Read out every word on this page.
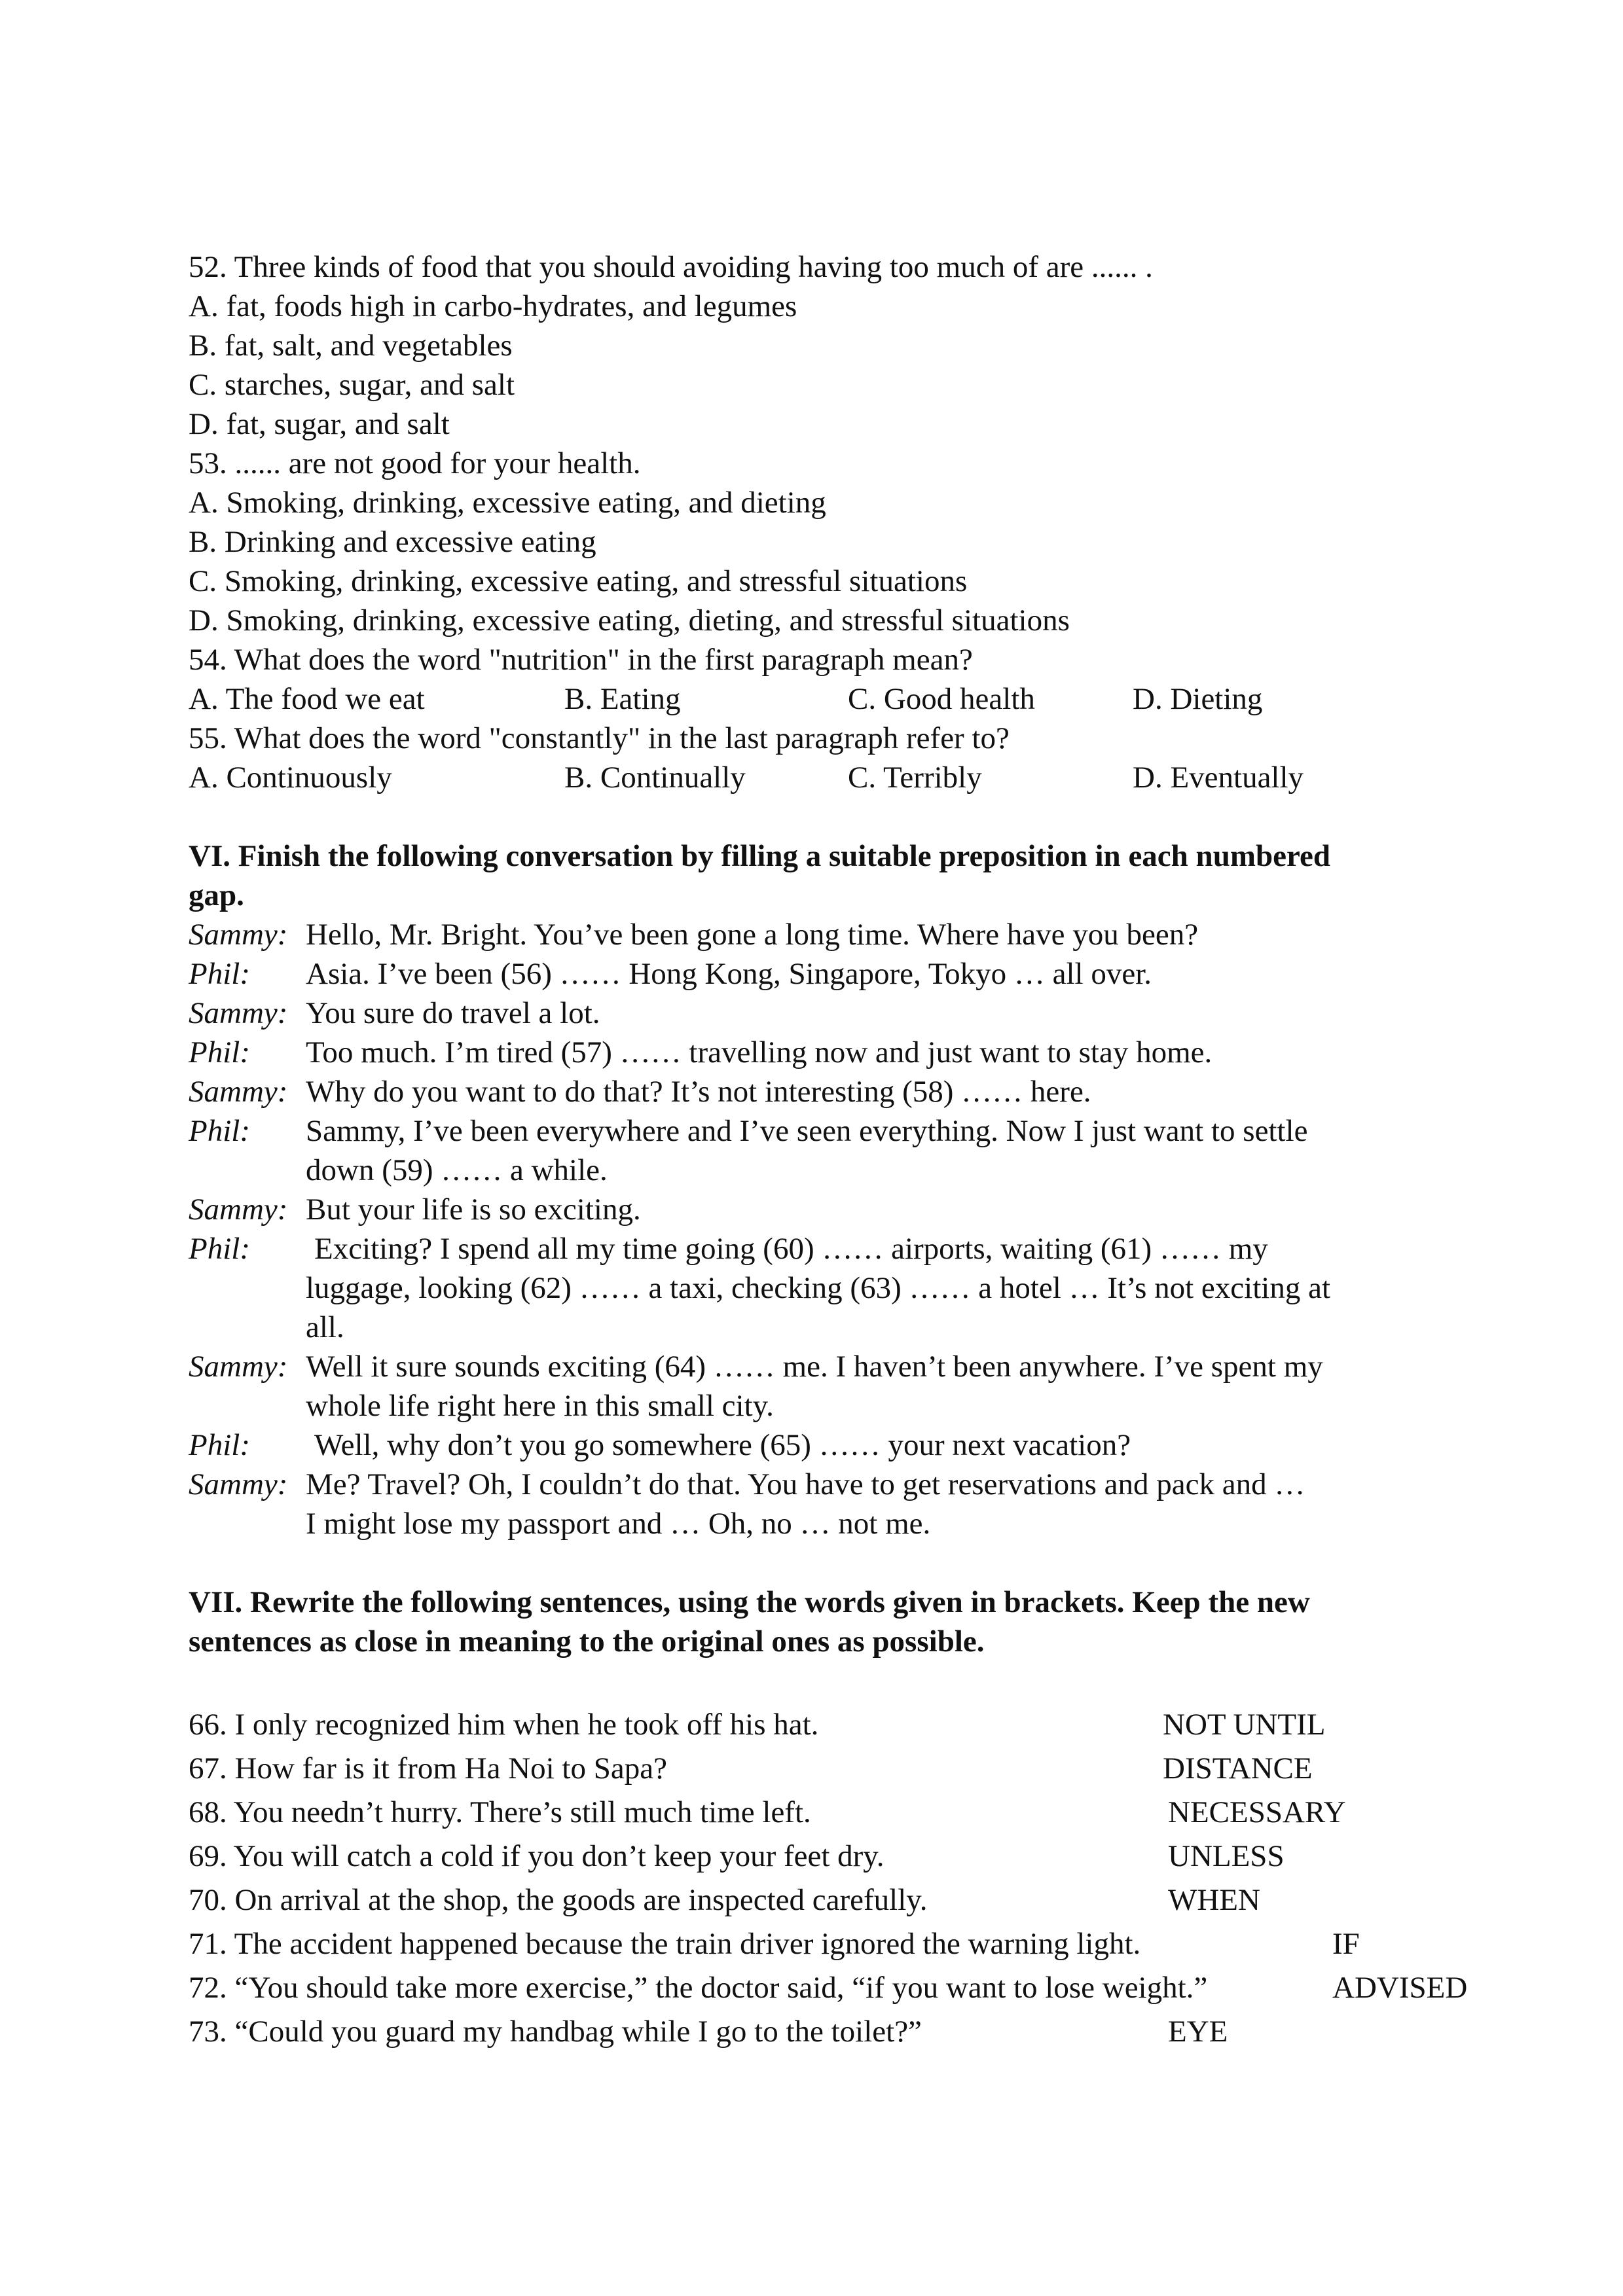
52. Three kinds of food that you should avoiding having too much of are ...... .
A. fat, foods high in carbo-hydrates, and legumes
B. fat, salt, and vegetables
C. starches, sugar, and salt
D. fat, sugar, and salt
53. ...... are not good for your health.
A. Smoking, drinking, excessive eating, and dieting
B. Drinking and excessive eating
C. Smoking, drinking, excessive eating, and stressful situations
D. Smoking, drinking, excessive eating, dieting, and stressful situations
54. What does the word "nutrition" in the first paragraph mean?
A. The food we eat	B. Eating	C. Good health	D. Dieting
55. What does the word "constantly" in the last paragraph refer to?
A. Continuously	B. Continually	C. Terribly	D. Eventually
VI. Finish the following conversation by filling a suitable preposition in each numbered
gap.
Sammy: Hello, Mr. Bright. You’ve been gone a long time. Where have you been?
Phil: Asia. I’ve been (56) …… Hong Kong, Singapore, Tokyo … all over.
Sammy: You sure do travel a lot.
Phil: Too much. I’m tired (57) …… travelling now and just want to stay home.
Sammy: Why do you want to do that? It’s not interesting (58) …… here.
Phil: Sammy, I’ve been everywhere and I’ve seen everything. Now I just want to settle
down (59) …… a while.
Sammy: But your life is so exciting.
Phil: Exciting? I spend all my time going (60) …… airports, waiting (61) …… my
luggage, looking (62) …… a taxi, checking (63) …… a hotel … It’s not exciting at
all.
Sammy: Well it sure sounds exciting (64) …… me. I haven’t been anywhere. I’ve spent my
whole life right here in this small city.
Phil: Well, why don’t you go somewhere (65) …… your next vacation?
Sammy: Me? Travel? Oh, I couldn’t do that. You have to get reservations and pack and …
I might lose my passport and … Oh, no … not me.
VII. Rewrite the following sentences, using the words given in brackets. Keep the new
sentences as close in meaning to the original ones as possible.
66. I only recognized him when he took off his hat.	NOT UNTIL
67. How far is it from Ha Noi to Sapa?	DISTANCE
68. You needn’t hurry. There’s still much time left.	NECESSARY
69. You will catch a cold if you don’t keep your feet dry.	UNLESS
70. On arrival at the shop, the goods are inspected carefully.	WHEN
71. The accident happened because the train driver ignored the warning light.	IF
72. “You should take more exercise,” the doctor said, “if you want to lose weight.”	ADVISED
73. “Could you guard my handbag while I go to the toilet?”	EYE
